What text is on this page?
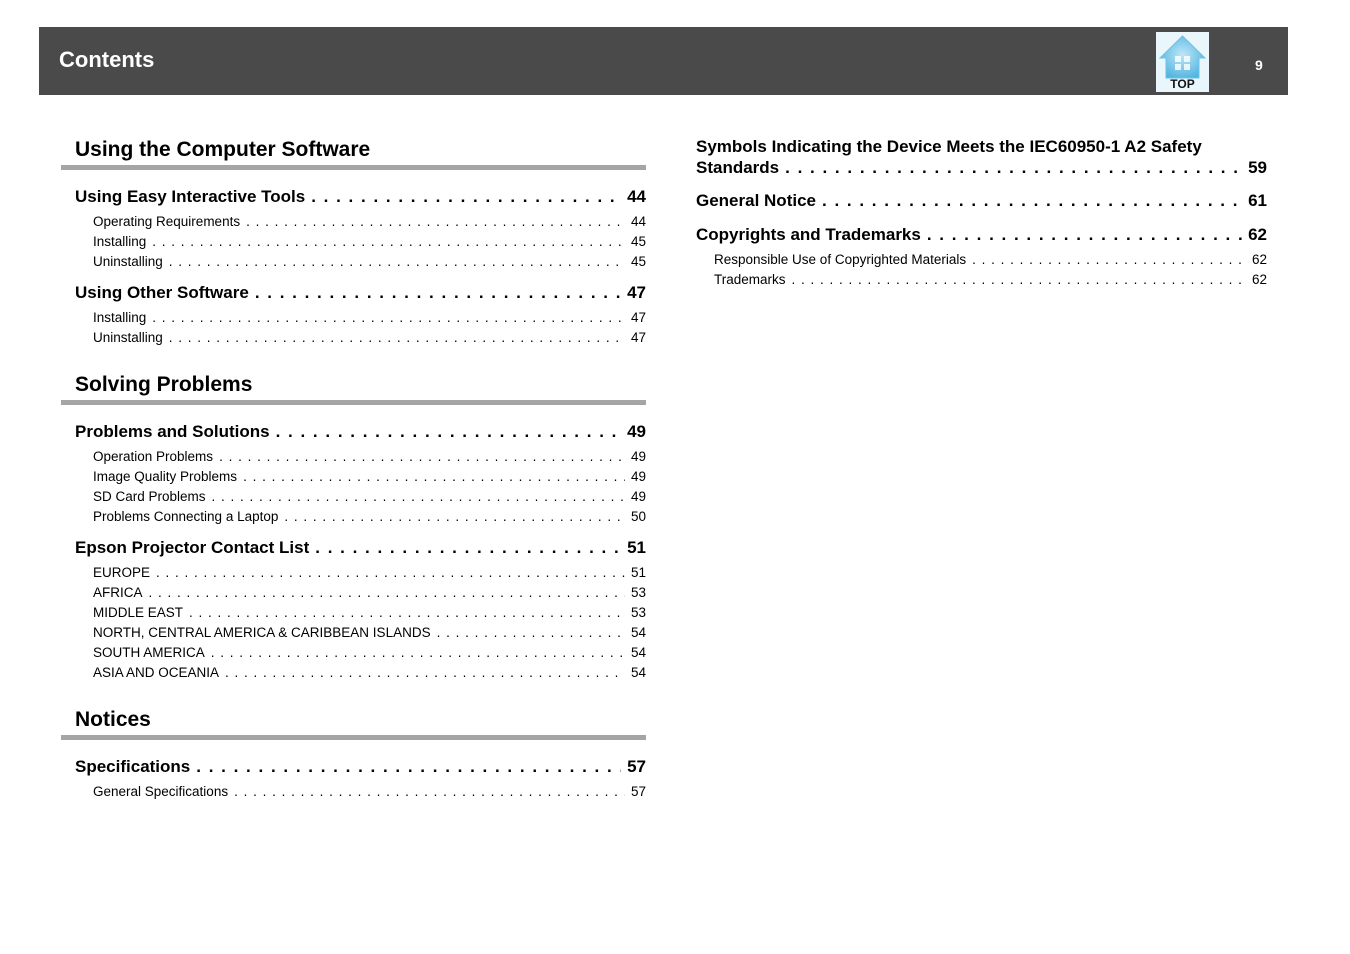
Contents
TOP
9
Using the Computer Software
Using Easy Interactive Tools . . .	44
Operating Requirements . . .	44
Installing . . .	45
Uninstalling . . .	45
Using Other Software . . .	47
Installing . . .	47
Uninstalling . . .	47
Solving Problems
Problems and Solutions . . .	49
Operation Problems . . .	49
Image Quality Problems . . .	49
SD Card Problems . . .	49
Problems Connecting a Laptop . . .	50
Epson Projector Contact List . . .	51
EUROPE . . .	51
AFRICA . . .	53
MIDDLE EAST . . .	53
NORTH, CENTRAL AMERICA & CARIBBEAN ISLANDS . . .	54
SOUTH AMERICA . . .	54
ASIA AND OCEANIA . . .	54
Notices
Specifications . . .	57
General Specifications . . .	57
Symbols Indicating the Device Meets the IEC60950-1 A2 Safety
Standards . . .	59
General Notice . . .	61
Copyrights and Trademarks . . .	62
Responsible Use of Copyrighted Materials . . .	62
Trademarks . . .	62
